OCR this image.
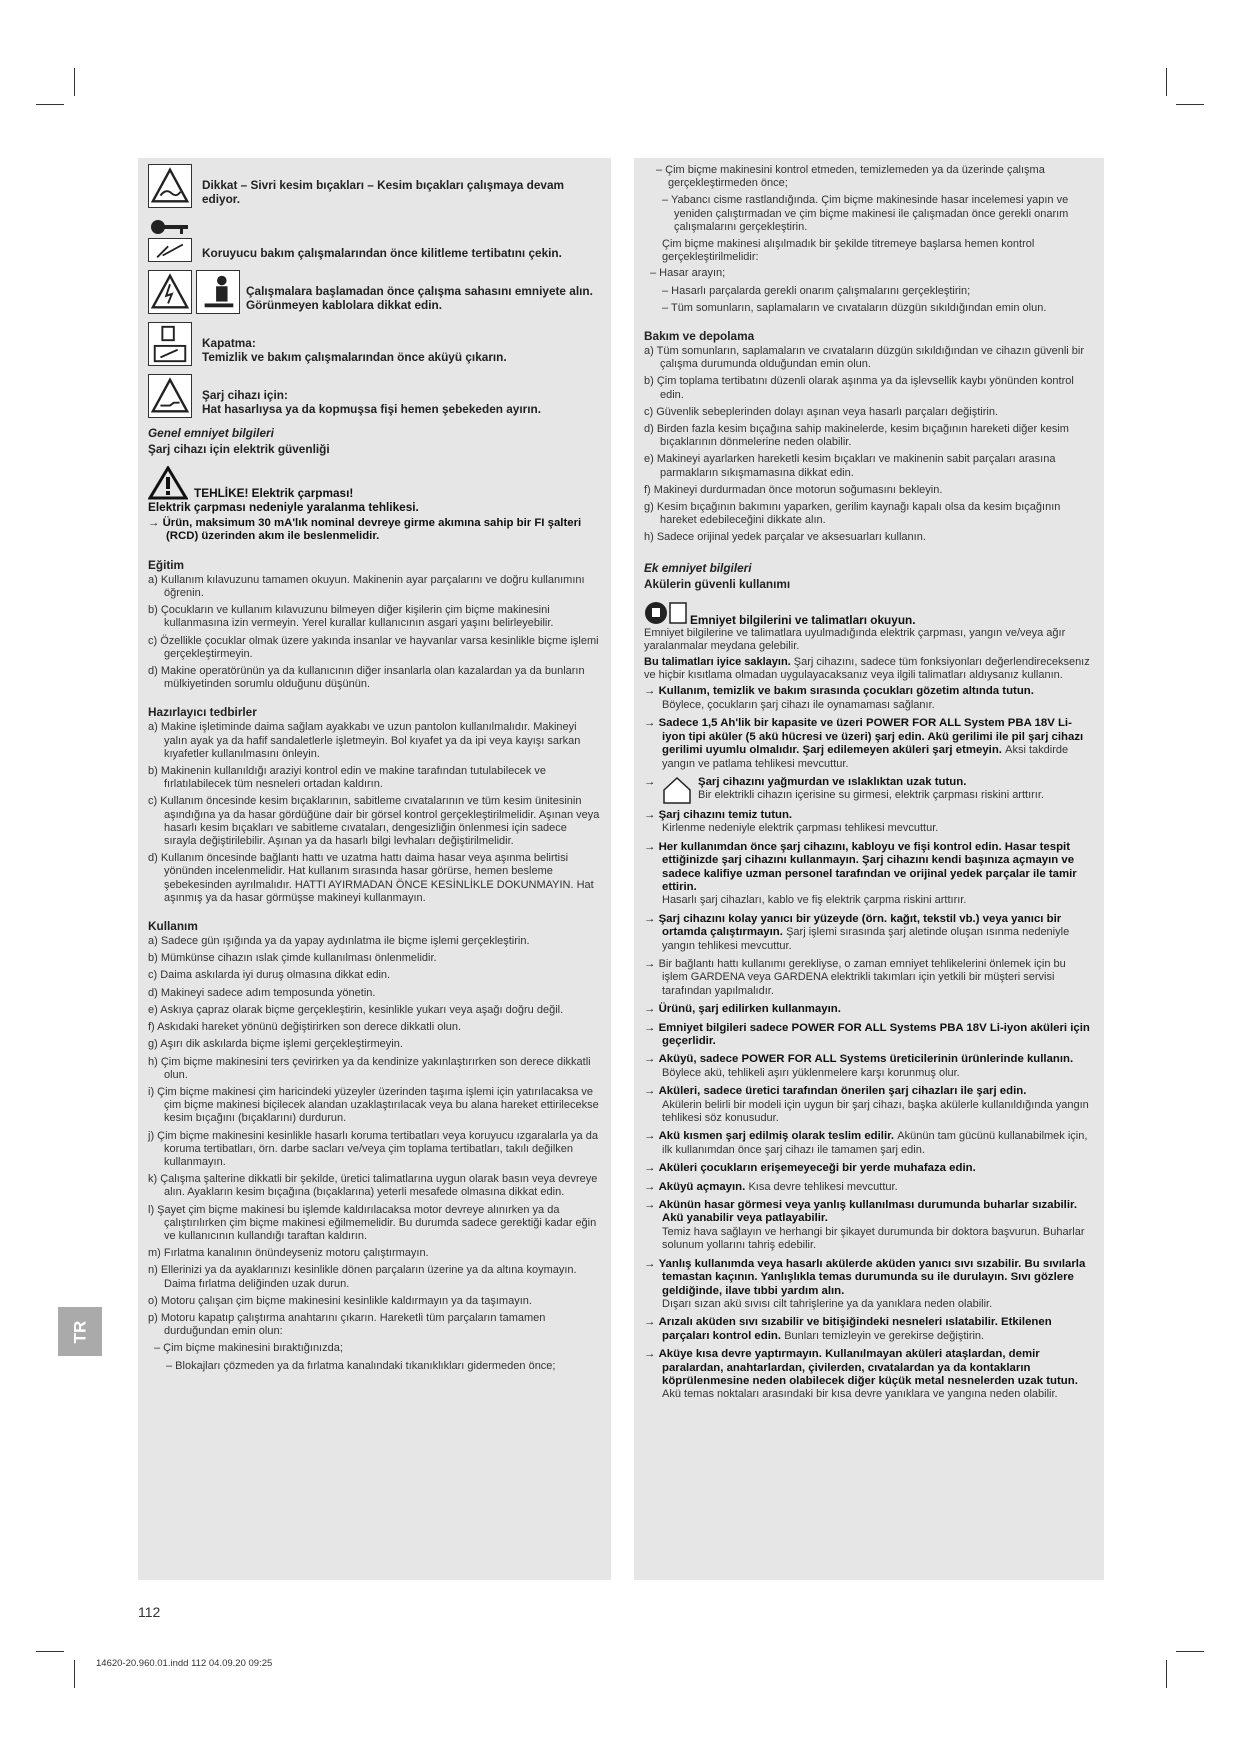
Dikkat – Sivri kesim bıçakları – Kesim bıçakları çalışmaya devam ediyor.
Koruyucu bakım çalışmalarından önce kilitleme tertibatını çekin.
Çalışmalara başlamadan önce çalışma sahasını emniyete alın. Görünmeyen kablolara dikkat edin.
Kapatma:
Temizlik ve bakım çalışmalarından önce aküyü çıkarın.
Şarj cihazı için:
Hat hasarlıysa ya da kopmuşsa fişi hemen şebekeden ayırın.
Genel emniyet bilgileri
Şarj cihazı için elektrik güvenliği
TEHLİKE! Elektrik çarpması!
Elektrik çarpması nedeniyle yaralanma tehlikesi.
→ Ürün, maksimum 30 mA'lık nominal devreye girme akımına sahip bir FI şalteri (RCD) üzerinden akım ile beslenmelidir.
Eğitim
a) Kullanım kılavuzunu tamamen okuyun. Makinenin ayar parçalarını ve doğru kullanımını öğrenin.
b) Çocukların ve kullanım kılavuzunu bilmeyen diğer kişilerin çim biçme makinesini kullanmasına izin vermeyin. Yerel kurallar kullanıcının asgari yaşını belirleyebilir.
c) Özellikle çocuklar olmak üzere yakında insanlar ve hayvanlar varsa kesinlikle biçme işlemi gerçekleştirmeyin.
d) Makine operatörünün ya da kullanıcının diğer insanlarla olan kazalardan ya da bunların mülkiyetinden sorumlu olduğunu düşünün.
Hazırlayıcı tedbirler
a) Makine işletiminde daima sağlam ayakkabı ve uzun pantolon kullanılmalıdır. Makineyi yalın ayak ya da hafif sandaletlerle işletmeyin. Bol kıyafet ya da ipi veya kayışı sarkan kıyafetler kullanılmasını önleyin.
b) Makinenin kullanıldığı araziyi kontrol edin ve makine tarafından tutulabilecek ve fırlatılabilecek tüm nesneleri ortadan kaldırın.
c) Kullanım öncesinde kesim bıçaklarının, sabitleme cıvatalarının ve tüm kesim ünitesinin aşındığına ya da hasar gördüğüne dair bir görsel kontrol gerçekleştirilmelidir. Aşınan veya hasarlı kesim bıçakları ve sabitleme cıvataları, dengesizliğin önlenmesi için sadece sırayla değiştirilebilir. Aşınan ya da hasarlı bilgi levhaları değiştirilmelidir.
d) Kullanım öncesinde bağlantı hattı ve uzatma hattı daima hasar veya aşınma belirtisi yönünden incelenmelidir. Hat kullanım sırasında hasar görürse, hemen besleme şebekesinden ayrılmalıdır. HATTI AYIRMADAN ÖNCE KESİNLİKLE DOKUNMAYIN. Hat aşınmış ya da hasar görmüşse makineyi kullanmayın.
Kullanım
a) Sadece gün ışığında ya da yapay aydınlatma ile biçme işlemi gerçekleştirin.
b) Mümkünse cihazın ıslak çimde kullanılması önlenmelidir.
c) Daima askılarda iyi duruş olmasına dikkat edin.
d) Makineyi sadece adım temposunda yönetin.
e) Askıya çapraz olarak biçme gerçekleştirin, kesinlikle yukarı veya aşağı doğru değil.
f) Askıdaki hareket yönünü değiştirirken son derece dikkatli olun.
g) Aşırı dik askılarda biçme işlemi gerçekleştirmeyin.
h) Çim biçme makinesini ters çevirirken ya da kendinize yakınlaştırırken son derece dikkatli olun.
i) Çim biçme makinesi çim haricindeki yüzeyler üzerinden taşıma işlemi için yatırılacaksa ve çim biçme makinesi biçilecek alandan uzaklaştırılacak veya bu alana hareket ettirilecekse kesim bıçağını (bıçaklarını) durdurun.
j) Çim biçme makinesini kesinlikle hasarlı koruma tertibatları veya koruyucu ızgaralarla ya da koruma tertibatları, örn. darbe sacları ve/veya çim toplama tertibatları, takılı değilken kullanmayın.
k) Çalışma şalterine dikkatli bir şekilde, üretici talimatlarına uygun olarak basın veya devreye alın. Ayakların kesim bıçağına (bıçaklarına) yeterli mesafede olmasına dikkat edin.
l) Şayet çim biçme makinesi bu işlemde kaldırılacaksa motor devreye alınırken ya da çalıştırılırken çim biçme makinesi eğilmemelidir. Bu durumda sadece gerektiği kadar eğin ve kullanıcının kullandığı taraftan kaldırın.
m) Fırlatma kanalının önündeyseniz motoru çalıştırmayın.
n) Ellerinizi ya da ayaklarınızı kesinlikle dönen parçaların üzerine ya da altına koymayın. Daima fırlatma deliğinden uzak durun.
o) Motoru çalışan çim biçme makinesini kesinlikle kaldırmayın ya da taşımayın.
p) Motoru kapatıp çalıştırma anahtarını çıkarın. Hareketli tüm parçaların tamamen durduğundan emin olun:
– Çim biçme makinesini bıraktığınızda;
– Blokajları çözmeden ya da fırlatma kanalındaki tıkanıklıkları gidermeden önce;
– Çim biçme makinesini kontrol etmeden, temizlemeden ya da üzerinde çalışma gerçekleştirmeden önce;
– Yabancı cisme rastlandığında. Çim biçme makinesinde hasar incelemesi yapın ve yeniden çalıştırmadan ve çim biçme makinesi ile çalışmadan önce gerekli onarım çalışmalarını gerçekleştirin.
Çim biçme makinesi alışılmadık bir şekilde titremeye başlarsa hemen kontrol gerçekleştirilmelidir:
– Hasar arayın;
– Hasarlı parçalarda gerekli onarım çalışmalarını gerçekleştirin;
– Tüm somunların, saplamaların ve cıvataların düzgün sıkıldığından emin olun.
Bakım ve depolama
a) Tüm somunların, saplamaların ve cıvataların düzgün sıkıldığından ve cihazın güvenli bir çalışma durumunda olduğundan emin olun.
b) Çim toplama tertibatını düzenli olarak aşınma ya da işlevsellik kaybı yönünden kontrol edin.
c) Güvenlik sebeplerinden dolayı aşınan veya hasarlı parçaları değiştirin.
d) Birden fazla kesim bıçağına sahip makinelerde, kesim bıçağının hareketi diğer kesim bıçaklarının dönmelerine neden olabilir.
e) Makineyi ayarlarken hareketli kesim bıçakları ve makinenin sabit parçaları arasına parmakların sıkışmamasına dikkat edin.
f) Makineyi durdurmadan önce motorun soğumasını bekleyin.
g) Kesim bıçağının bakımını yaparken, gerilim kaynağı kapalı olsa da kesim bıçağının hareket edebileceğini dikkate alın.
h) Sadece orijinal yedek parçalar ve aksesuarları kullanın.
Ek emniyet bilgileri
Akülerin güvenli kullanımı
Emniyet bilgilerini ve talimatları okuyun.
Emniyet bilgilerine ve talimatlara uyulmadığında elektrik çarpması, yangın ve/veya ağır yaralanmalar meydana gelebilir.
Bu talimatları iyice saklayın. Şarj cihazını, sadece tüm fonksiyonları değerlendireceksenız ve hiçbir kısıtlama olmadan uygulayacaksanız veya ilgili talimatları aldıysanız kullanın.
→ Kullanım, temizlik ve bakım sırasında çocukları gözetim altında tutun.
Böylece, çocukların şarj cihazı ile oynamaması sağlanır.
→ Sadece 1,5 Ah'lik bir kapasite ve üzeri POWER FOR ALL System PBA 18V Li-iyon tipi aküler (5 akü hücresi ve üzeri) şarj edin. Akü gerilimi ile pil şarj cihazı gerilimi uyumlu olmalıdır. Şarj edilemeyen aküleri şarj etmeyin. Aksi takdirde yangın ve patlama tehlikesi mevcuttur.
→	Şarj cihazını yağmurdan ve ıslaklıktan uzak tutun.
Bir elektrikli cihazın içerisine su girmesi, elektrik çarpması riskini arttırır.
→ Şarj cihazını temiz tutun.
Kirlenme nedeniyle elektrik çarpması tehlikesi mevcuttur.
→ Her kullanımdan önce şarj cihazını, kabloyu ve fişi kontrol edin. Hasar tespit ettiğinizde şarj cihazını kullanmayın. Şarj cihazını kendi başınıza açmayın ve sadece kalifiye uzman personel tarafından ve orijinal yedek parçalar ile tamir ettirin.
Hasarlı şarj cihazları, kablo ve fiş elektrik çarpma riskini arttırır.
→ Şarj cihazını kolay yanıcı bir yüzeyde (örn. kağıt, tekstil vb.) veya yanıcı bir ortamda çalıştırmayın. Şarj işlemi sırasında şarj aletinde oluşan ısınma nedeniyle yangın tehlikesi mevcuttur.
→ Bir bağlantı hattı kullanımı gerekliyse, o zaman emniyet tehlikelerini önlemek için bu işlem GARDENA veya GARDENA elektrikli takımları için yetkili bir müşteri servisi tarafından yapılmalıdır.
→ Ürünü, şarj edilirken kullanmayın.
→ Emniyet bilgileri sadece POWER FOR ALL Systems PBA 18V Li-iyon aküleri için geçerlidir.
→ Aküyü, sadece POWER FOR ALL Systems üreticilerinin ürünlerinde kullanın.
Böylece akü, tehlikeli aşırı yüklenmelere karşı korunmuş olur.
→ Aküleri, sadece üretici tarafından önerilen şarj cihazları ile şarj edin.
Akülerin belirli bir modeli için uygun bir şarj cihazı, başka akülerle kullanıldığında yangın tehlikesi söz konusudur.
→ Akü kısmen şarj edilmiş olarak teslim edilir. Akünün tam gücünü kullanabilmek için, ilk kullanımdan önce şarj cihazı ile tamamen şarj edin.
→ Aküleri çocukların erişemeyeceği bir yerde muhafaza edin.
→ Aküyü açmayın. Kısa devre tehlikesi mevcuttur.
→ Akünün hasar görmesi veya yanlış kullanılması durumunda buharlar sızabilir. Akü yanabilir veya patlayabilir.
Temiz hava sağlayın ve herhangi bir şikayet durumunda bir doktora başvurun. Buharlar solunum yollarını tahriş edebilir.
→ Yanlış kullanımda veya hasarlı akülerde aküden yanıcı sıvı sızabilir. Bu sıvılarla temastan kaçının. Yanlışlıkla temas durumunda su ile durulayın. Sıvı gözlere geldiğinde, ilave tıbbi yardım alın.
Dışarı sızan akü sıvısı cilt tahrişlerine ya da yanıklara neden olabilir.
→ Arızalı aküden sıvı sızabilir ve bitişiğindeki nesneleri ıslatabilir. Etkilenen parçaları kontrol edin. Bunları temizleyin ve gerekirse değiştirin.
→ Aküye kısa devre yaptırmayın. Kullanılmayan aküleri ataşlardan, demir paralardan, anahtarlardan, çivilerden, cıvatalardan ya da kontakların köprülenmesine neden olabilecek diğer küçük metal nesnelerden uzak tutun. Akü temas noktaları arasındaki bir kısa devre yanıklara ve yangına neden olabilir.
TR
112
14620-20.960.01.indd 112 04.09.20 09:25
